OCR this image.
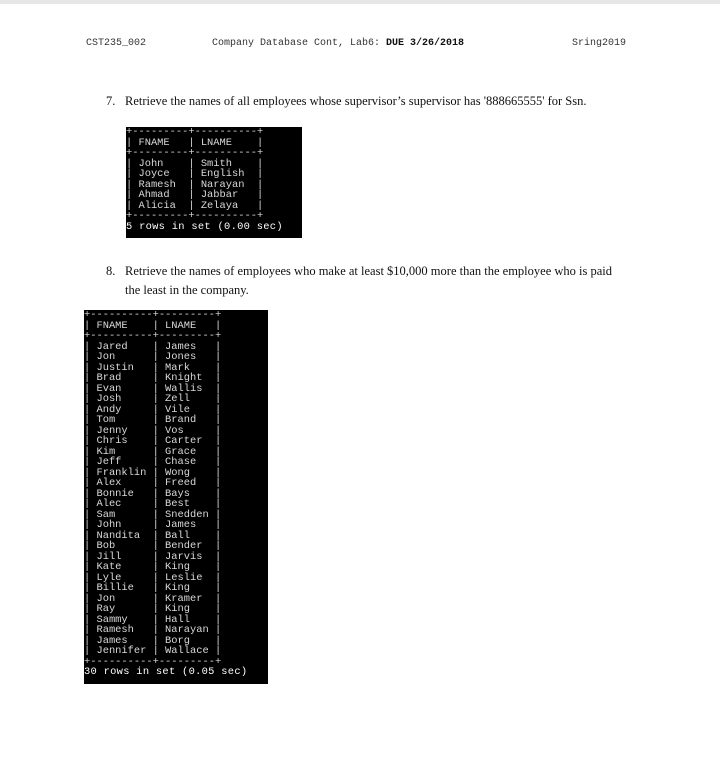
CST235_002	Company Database Cont, Lab6: DUE 3/26/2018	Sring2019
7. Retrieve the names of all employees whose supervisor’s supervisor has '888665555' for Ssn.
+---------+----------+
| FNAME   | LNAME    |
+---------+----------+
| John    | Smith    |
| Joyce   | English  |
| Ramesh  | Narayan  |
| Ahmad   | Jabbar   |
| Alicia  | Zelaya   |
+---------+----------+
5 rows in set (0.00 sec)
8. Retrieve the names of employees who make at least $10,000 more than the employee who is paid the least in the company.
+----------+---------+
| FNAME    | LNAME   |
+----------+---------+
| Jared    | James   |
| Jon      | Jones   |
| Justin   | Mark    |
| Brad     | Knight  |
| Evan     | Wallis  |
| Josh     | Zell    |
| Andy     | Vile    |
| Tom      | Brand   |
| Jenny    | Vos     |
| Chris    | Carter  |
| Kim      | Grace   |
| Jeff     | Chase   |
| Franklin | Wong    |
| Alex     | Freed   |
| Bonnie   | Bays    |
| Alec     | Best    |
| Sam      | Snedden |
| John     | James   |
| Nandita  | Ball    |
| Bob      | Bender  |
| Jill     | Jarvis  |
| Kate     | King    |
| Lyle     | Leslie  |
| Billie   | King    |
| Jon      | Kramer  |
| Ray      | King    |
| Sammy    | Hall    |
| Ramesh   | Narayan |
| James    | Borg    |
| Jennifer | Wallace |
+----------+---------+
30 rows in set (0.05 sec)
